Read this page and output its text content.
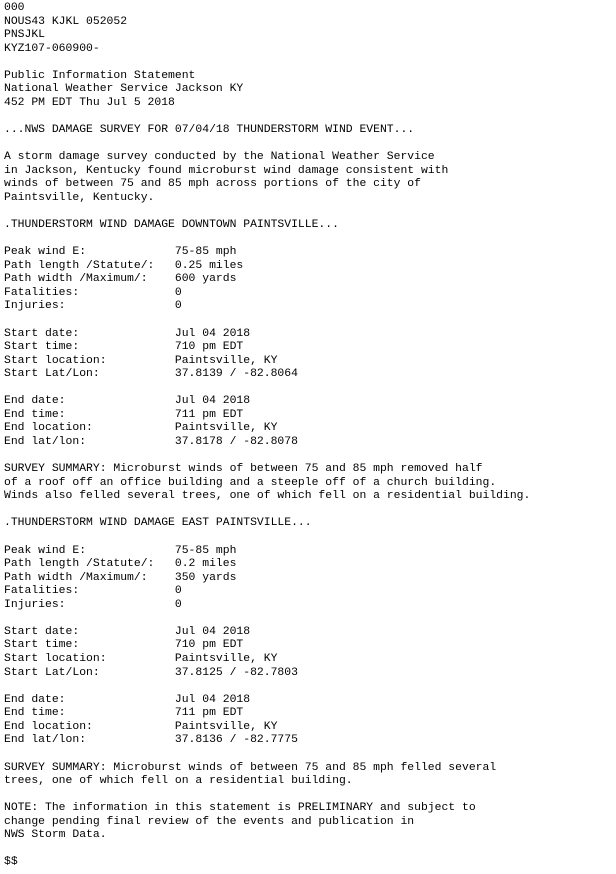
000
NOUS43 KJKL 052052
PNSJKL
KYZ107-060900-
Public Information Statement
National Weather Service Jackson KY
452 PM EDT Thu Jul 5 2018
...NWS DAMAGE SURVEY FOR 07/04/18 THUNDERSTORM WIND EVENT...
A storm damage survey conducted by the National Weather Service
in Jackson, Kentucky found microburst wind damage consistent with
winds of between 75 and 85 mph across portions of the city of
Paintsville, Kentucky.
.THUNDERSTORM WIND DAMAGE DOWNTOWN PAINTSVILLE...
Peak wind E:             75-85 mph
Path length /Statute/:   0.25 miles
Path width /Maximum/:    600 yards
Fatalities:              0
Injuries:                0
Start date:              Jul 04 2018
Start time:              710 pm EDT
Start location:          Paintsville, KY
Start Lat/Lon:           37.8139 / -82.8064
End date:                Jul 04 2018
End time:                711 pm EDT
End location:            Paintsville, KY
End lat/lon:             37.8178 / -82.8078
SURVEY SUMMARY: Microburst winds of between 75 and 85 mph removed half
of a roof off an office building and a steeple off of a church building.
Winds also felled several trees, one of which fell on a residential building.
.THUNDERSTORM WIND DAMAGE EAST PAINTSVILLE...
Peak wind E:             75-85 mph
Path length /Statute/:   0.2 miles
Path width /Maximum/:    350 yards
Fatalities:              0
Injuries:                0
Start date:              Jul 04 2018
Start time:              710 pm EDT
Start location:          Paintsville, KY
Start Lat/Lon:           37.8125 / -82.7803
End date:                Jul 04 2018
End time:                711 pm EDT
End location:            Paintsville, KY
End lat/lon:             37.8136 / -82.7775
SURVEY SUMMARY: Microburst winds of between 75 and 85 mph felled several
trees, one of which fell on a residential building.
NOTE: The information in this statement is PRELIMINARY and subject to
change pending final review of the events and publication in
NWS Storm Data.
$$
